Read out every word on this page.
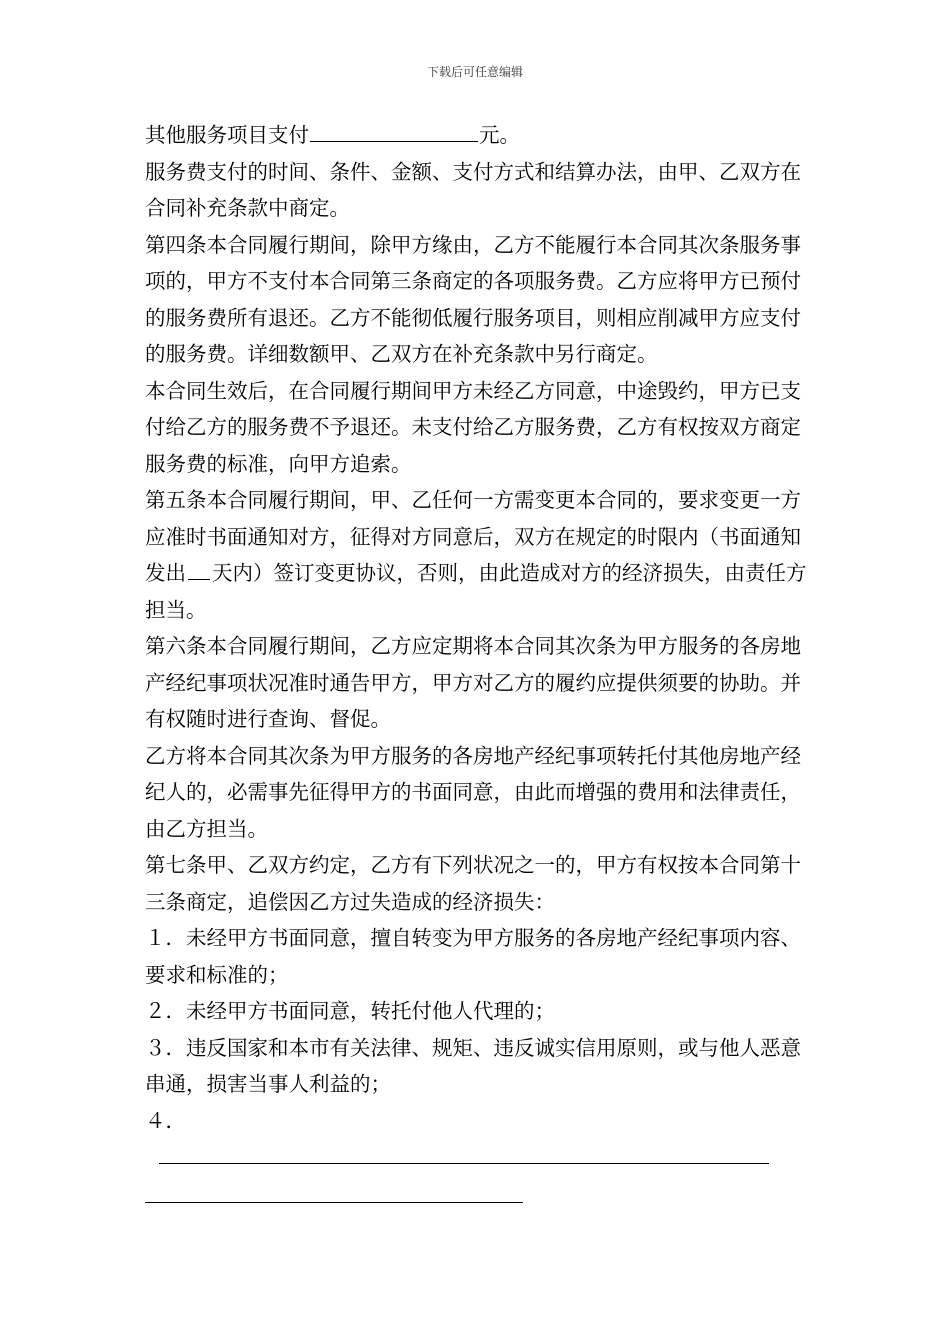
下载后可任意编辑

其他服务项目支付	元。

服务费支付的时间、条件、金额、支付方式和结算办法，由甲、乙双方在合同补充条款中商定。

第四条本合同履行期间，除甲方缘由，乙方不能履行本合同其次条服务事项的，甲方不支付本合同第三条商定的各项服务费。乙方应将甲方已预付的服务费所有退还。乙方不能彻低履行服务项目，则相应削减甲方应支付的服务费。详细数额甲、乙双方在补充条款中另行商定。

本合同生效后，在合同履行期间甲方未经乙方同意，中途毁约，甲方已支付给乙方的服务费不予退还。未支付给乙方服务费，乙方有权按双方商定服务费的标准，向甲方追索。

第五条本合同履行期间，甲、乙任何一方需变更本合同的，要求变更一方应准时书面通知对方，征得对方同意后，双方在规定的时限内（书面通知发出 天内）签订变更协议，否则，由此造成对方的经济损失，由责任方担当。

第六条本合同履行期间，乙方应定期将本合同其次条为甲方服务的各房地产经纪事项状况准时通告甲方，甲方对乙方的履约应提供须要的协助。并有权随时进行查询、督促。

乙方将本合同其次条为甲方服务的各房地产经纪事项转托付其他房地产经纪人的，必需事先征得甲方的书面同意，由此而增强的费用和法律责任，由乙方担当。

第七条甲、乙双方约定，乙方有下列状况之一的，甲方有权按本合同第十三条商定，追偿因乙方过失造成的经济损失：

１．未经甲方书面同意，擅自转变为甲方服务的各房地产经纪事项内容、要求和标准的；

２．未经甲方书面同意，转托付他人代理的；

３．违反国家和本市有关法律、规矩、违反诚实信用原则，或与他人恶意串通，损害当事人利益的；

４．
